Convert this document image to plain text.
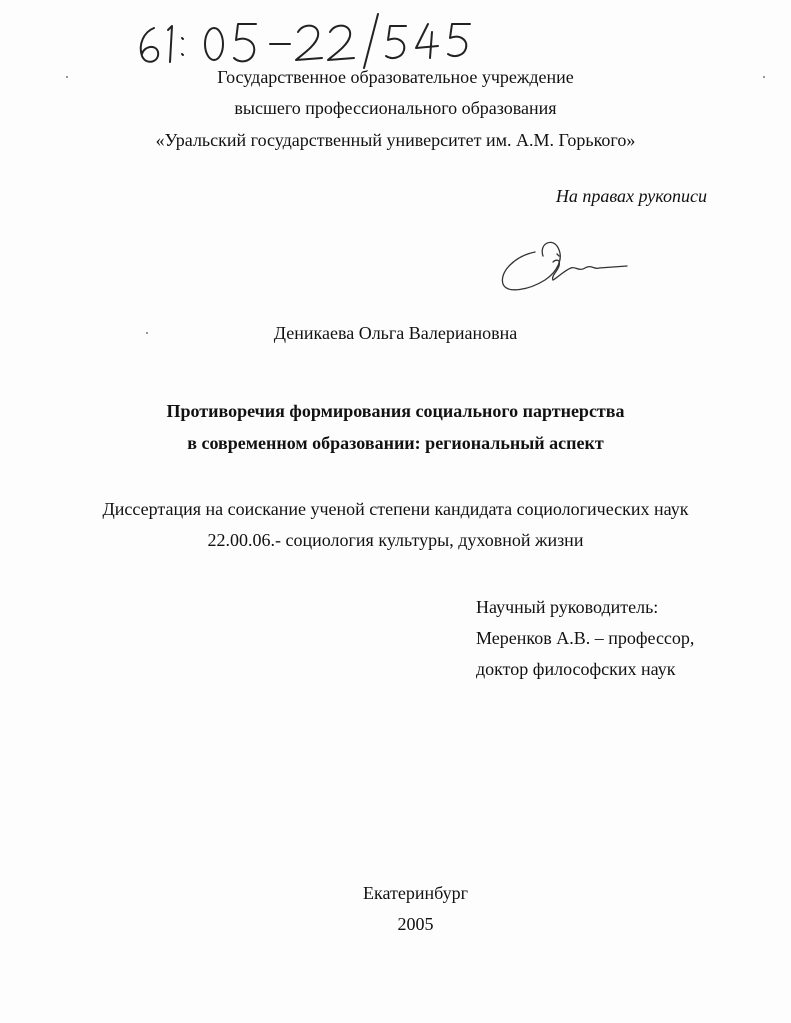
Государственное образовательное учреждение
высшего профессионального образования
«Уральский государственный университет им. А.М. Горького»
На правах рукописи
Деникаева Ольга Валериановна
Противоречия формирования социального партнерства
в современном образовании: региональный аспект
Диссертация на соискание ученой степени кандидата социологических наук
22.00.06.- социология культуры, духовной жизни
Научный руководитель:
Меренков А.В. – профессор,
доктор философских наук
Екатеринбург
2005
